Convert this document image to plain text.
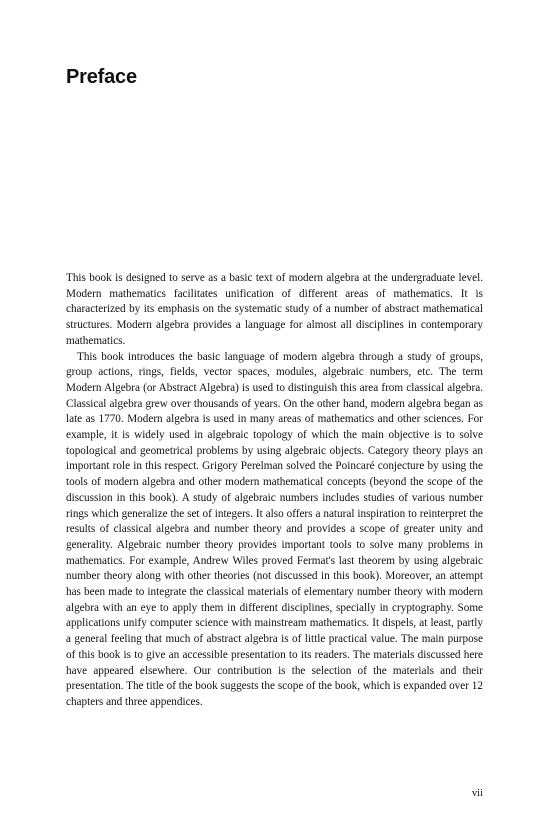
Preface

This book is designed to serve as a basic text of modern algebra at the undergraduate level. Modern mathematics facilitates unification of different areas of mathematics. It is characterized by its emphasis on the systematic study of a number of abstract mathematical structures. Modern algebra provides a language for almost all disciplines in contemporary mathematics.

This book introduces the basic language of modern algebra through a study of groups, group actions, rings, fields, vector spaces, modules, algebraic numbers, etc. The term Modern Algebra (or Abstract Algebra) is used to distinguish this area from classical algebra. Classical algebra grew over thousands of years. On the other hand, modern algebra began as late as 1770. Modern algebra is used in many areas of mathematics and other sciences. For example, it is widely used in algebraic topology of which the main objective is to solve topological and geometrical problems by using algebraic objects. Category theory plays an important role in this respect. Grigory Perelman solved the Poincaré conjecture by using the tools of modern algebra and other modern mathematical concepts (beyond the scope of the discussion in this book). A study of algebraic numbers includes studies of various number rings which generalize the set of integers. It also offers a natural inspiration to reinterpret the results of classical algebra and number theory and provides a scope of greater unity and generality. Algebraic number theory provides important tools to solve many problems in mathematics. For example, Andrew Wiles proved Fermat's last theorem by using algebraic number theory along with other theories (not discussed in this book). Moreover, an attempt has been made to integrate the classical materials of elementary number theory with modern algebra with an eye to apply them in different disciplines, specially in cryptography. Some applications unify computer science with mainstream mathematics. It dispels, at least, partly a general feeling that much of abstract algebra is of little practical value. The main purpose of this book is to give an accessible presentation to its readers. The materials discussed here have appeared elsewhere. Our contribution is the selection of the materials and their presentation. The title of the book suggests the scope of the book, which is expanded over 12 chapters and three appendices.

vii
